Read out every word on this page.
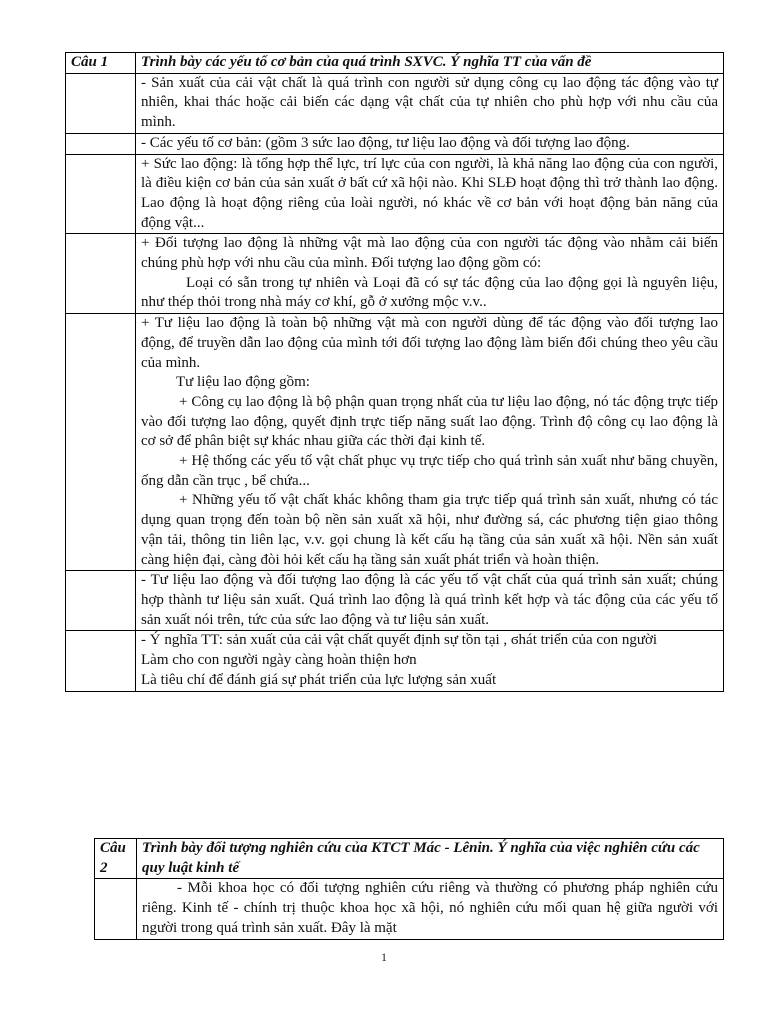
Câu 1	Trình bày các yếu tố cơ bản của quá trình SXVC. Ý nghĩa TT của vấn đề
	- Sản xuất của cải vật chất là quá trình con người sử dụng công cụ lao động tác động vào tự nhiên, khai thác hoặc cải biến các dạng vật chất của tự nhiên cho phù hợp với nhu cầu của mình.
	- Các yếu tố cơ bản: (gồm 3 sức lao động, tư liệu lao động và đối tượng lao động.
	+ Sức lao động: là tổng hợp thể lực, trí lực của con người, là khả năng lao động của con người, là điều kiện cơ bản của sản xuất ở bất cứ xã hội nào. Khi SLĐ hoạt động thì trở thành lao động. Lao động là hoạt động riêng của loài người, nó khác về cơ bản với hoạt động bản năng của động vật...

	+ Đối tượng lao động là những vật mà lao động của con người tác động vào nhằm cải biến chúng phù hợp với nhu cầu của mình. Đối tượng lao động gồm có:

Loại có sẵn trong tự nhiên và Loại đã có sự tác động của lao động gọi là nguyên liệu, như thép thỏi trong nhà máy cơ khí, gỗ ở xưởng mộc v.v..

	+ Tư liệu lao động là toàn bộ những vật mà con người dùng để tác động vào đối tượng lao động, để truyền dẫn lao động của mình tới đối tượng lao động làm biến đổi chúng theo yêu cầu của mình.

Tư liệu lao động gồm:

+ Công cụ lao động là bộ phận quan trọng nhất của tư liệu lao động, nó tác động trực tiếp vào đối tượng lao động, quyết định trực tiếp năng suất lao động. Trình độ công cụ lao động là cơ sở để phân biệt sự khác nhau giữa các thời đại kinh tế.

+ Hệ thống các yếu tố vật chất phục vụ trực tiếp cho quá trình sản xuất như băng chuyền, ống dẫn cần trục , bể chứa...

+ Những yếu tố vật chất khác không tham gia trực tiếp quá trình sản xuất, nhưng có tác dụng quan trọng đến toàn bộ nền sản xuất xã hội, như đường sá, các phương tiện giao thông vận tải, thông tin liên lạc, v.v. gọi chung là kết cấu hạ tầng của sản xuất xã hội. Nền sản xuất càng hiện đại, càng đòi hỏi kết cấu hạ tầng sản xuất phát triển và hoàn thiện.

	- Tư liệu lao động và đối tượng lao động là các yếu tố vật chất của quá trình sản xuất; chúng hợp thành tư liệu sản xuất. Quá trình lao động là quá trình kết hợp và tác động của các yếu tố sản xuất nói trên, tức của sức lao động và tư liệu sản xuất.

	- Ý nghĩa TT: sản xuất của cải vật chất quyết định sự tồn tại , ϭhát triển của con người

Làm cho con người ngày càng hoàn thiện hơn

Là tiêu chí để đánh giá sự phát triển của lực lượng sản xuất

Câu 2	Trình bày đối tượng nghiên cứu của KTCT Mác - Lênin. Ý nghĩa của việc nghiên cứu các quy luật kinh tế

	- Mỗi khoa học có đối tượng nghiên cứu riêng và thường có phương pháp nghiên cứu riêng. Kinh tế - chính trị thuộc khoa học xã hội, nó nghiên cứu mối quan hệ giữa người với người trong quá trình sản xuất. Đây là mặt

1
